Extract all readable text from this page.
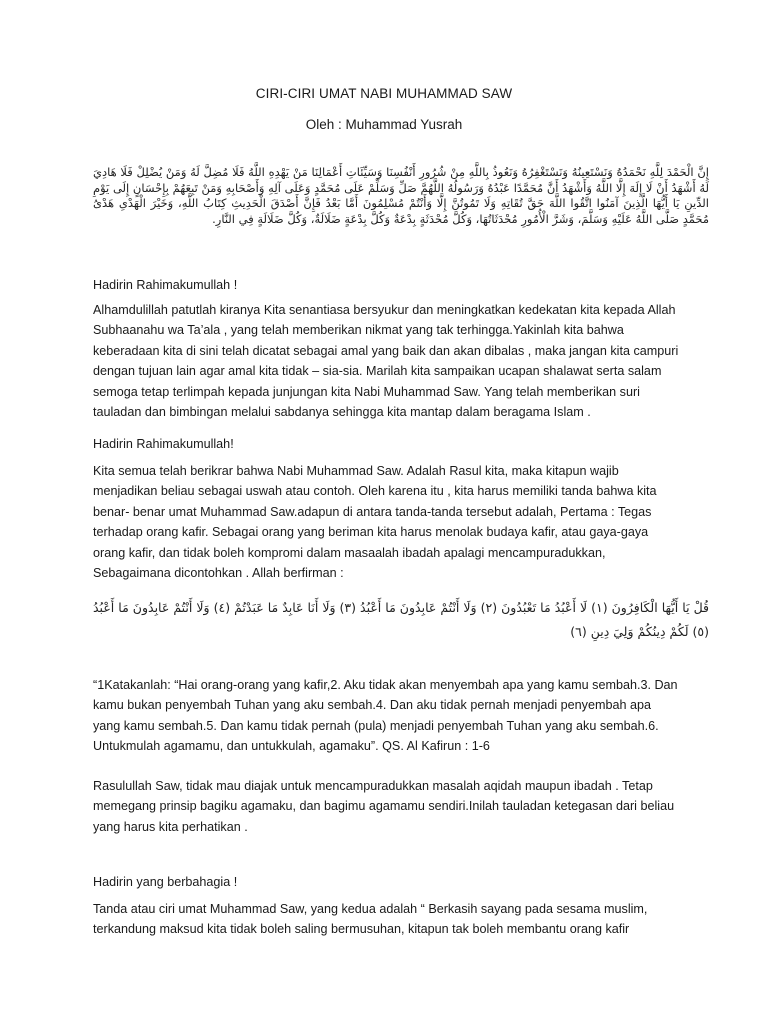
CIRI-CIRI UMAT NABI MUHAMMAD SAW
Oleh : Muhammad Yusrah
إِنَّ الْحَمْدَ لِلَّهِ نَحْمَدُهُ وَنَسْتَعِينُهُ وَنَسْتَغْفِرُهُ وَنَعُوذُ بِاللَّهِ مِنْ شُرُورِ أَنْفُسِنَا وَسَيِّئَاتِ أَعْمَالِنَا مَنْ يَهْدِهِ اللَّهُ فَلَا مُضِلَّ لَهُ وَمَنْ يُضْلِلْ فَلَا هَادِيَ لَهُ أَشْهَدُ أَنْ لَا إِلَهَ إِلَّا اللَّهُ وَأَشْهَدُ أَنَّ مُحَمَّدًا عَبْدُهُ وَرَسُولُهُ اللَّهُمَّ صَلِّ وَسَلِّمْ عَلَى مُحَمَّدٍ وَعَلَى آلِهِ وَأَصْحَابِهِ وَمَنْ تَبِعَهُمْ بِإِحْسَانٍ إِلَى يَوْمِ الدِّينِ يَا أَيُّهَا الَّذِينَ آمَنُوا اتَّقُوا اللَّهَ حَقَّ تُقَاتِهِ وَلَا تَمُوتُنَّ إِلَّا وَأَنْتُمْ مُسْلِمُونَ أَمَّا بَعْدُ فَإِنَّ أَصْدَقَ الْحَدِيثِ كِتَابُ اللَّهِ، وَخَيْرَ الْهَدْىِ هَدْىُ مُحَمَّدٍ صَلَّى اللَّهُ عَلَيْهِ وَسَلَّمَ، وَشَرَّ الْأُمُورِ مُحْدَثَاتُهَا، وَكُلَّ مُحْدَثَةٍ بِدْعَةٌ وَكُلَّ بِدْعَةٍ ضَلَالَةٌ، وَكُلَّ ضَلَالَةٍ فِي النَّارِ.
Hadirin Rahimakumullah !
Alhamdulillah patutlah kiranya Kita senantiasa bersyukur dan meningkatkan kedekatan kita kepada Allah Subhaanahu wa Ta’ala , yang telah memberikan nikmat yang tak terhingga.Yakinlah kita bahwa keberadaan kita di sini telah dicatat sebagai amal yang baik dan akan dibalas , maka jangan kita campuri dengan tujuan lain agar amal kita tidak – sia-sia. Marilah kita sampaikan ucapan shalawat serta salam semoga tetap terlimpah kepada junjungan kita Nabi Muhammad Saw. Yang telah memberikan suri tauladan dan bimbingan melalui sabdanya sehingga kita mantap dalam beragama Islam .
Hadirin Rahimakumullah!
Kita semua telah berikrar bahwa Nabi Muhammad Saw. Adalah Rasul kita, maka kitapun wajib menjadikan beliau sebagai uswah atau contoh. Oleh karena itu , kita harus memiliki tanda bahwa kita benar- benar umat Muhammad Saw.adapun di antara tanda-tanda tersebut adalah, Pertama : Tegas terhadap orang kafir. Sebagai orang yang beriman kita harus menolak budaya kafir, atau gaya-gaya orang kafir, dan tidak boleh kompromi dalam masaalah ibadah apalagi mencampuradukkan, Sebagaimana dicontohkan . Allah berfirman :
قُلْ يَا أَيُّهَا الْكَافِرُونَ (١) لَا أَعْبُدُ مَا تَعْبُدُونَ (٢) وَلَا أَنْتُمْ عَابِدُونَ مَا أَعْبُدُ (٣) وَلَا أَنَا عَابِدٌ مَا عَبَدْتُمْ (٤) وَلَا أَنْتُمْ عَابِدُونَ مَا أَعْبُدُ (٥) لَكُمْ دِينُكُمْ وَلِيَ دِينِ (٦)
“1Katakanlah: “Hai orang-orang yang kafir,2. Aku tidak akan menyembah apa yang kamu sembah.3. Dan kamu bukan penyembah Tuhan yang aku sembah.4. Dan aku tidak pernah menjadi penyembah apa yang kamu sembah.5. Dan kamu tidak pernah (pula) menjadi penyembah Tuhan yang aku sembah.6. Untukmulah agamamu, dan untukkulah, agamaku”. QS. Al Kafirun : 1-6
Rasulullah Saw, tidak mau diajak untuk mencampuradukkan masalah aqidah maupun ibadah . Tetap memegang prinsip bagiku agamaku, dan bagimu agamamu sendiri.Inilah tauladan ketegasan dari beliau yang harus kita perhatikan .
Hadirin yang berbahagia !
Tanda atau ciri umat Muhammad Saw, yang kedua adalah “ Berkasih sayang pada sesama muslim, terkandung maksud kita tidak boleh saling bermusuhan, kitapun tak boleh membantu orang kafir
